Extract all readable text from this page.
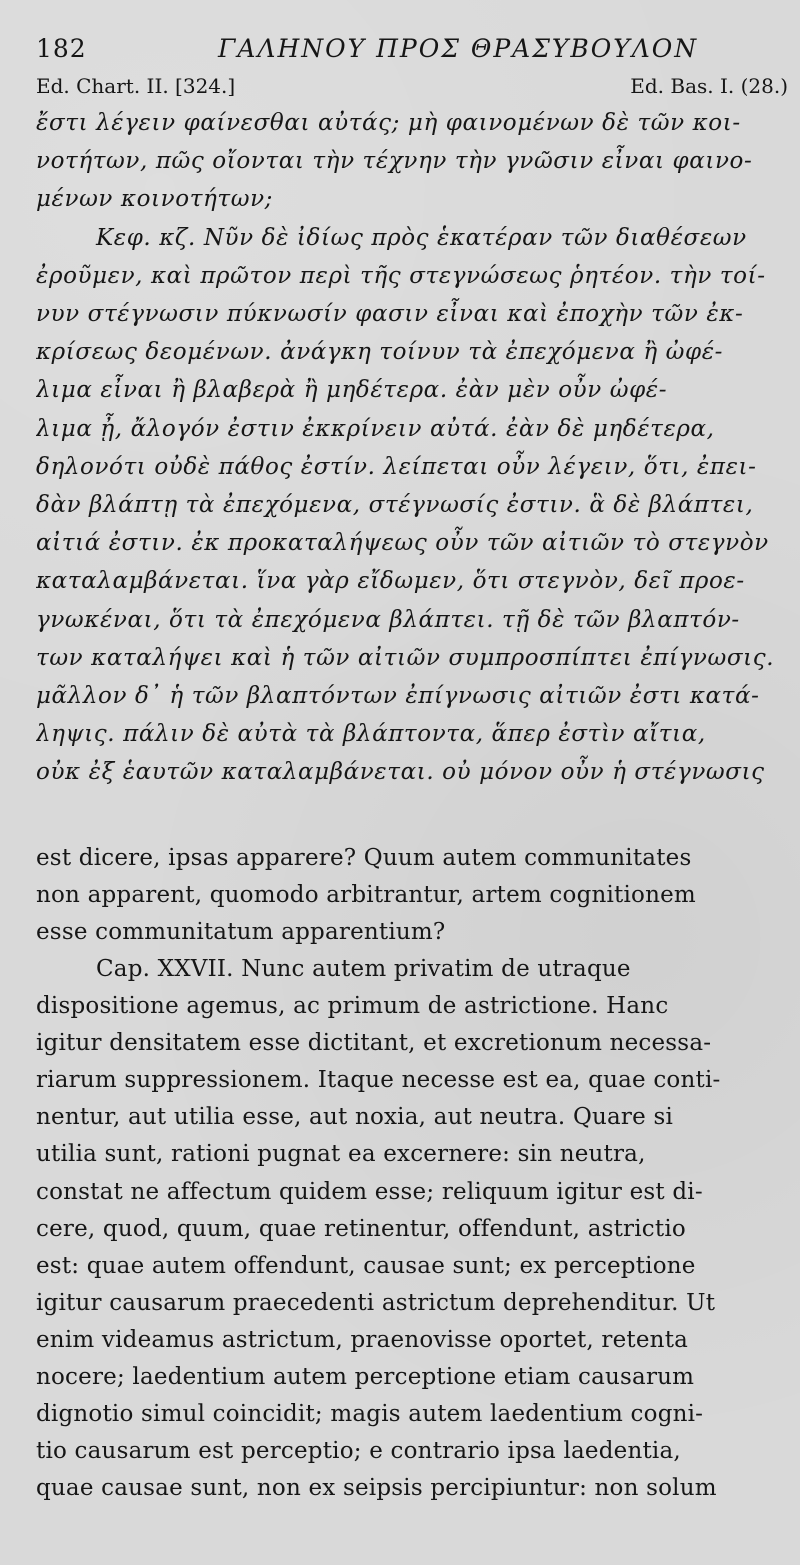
182	ΓΑΛΗΝΟΥ ΠΡΟΣ ΘΡΑΣΥΒΟΥΛΟΝ
Ed. Chart. II. [324.]	Ed. Bas. I. (28.)
ἔστι λέγειν φαίνεσθαι αὐτάς; μὴ φαινομένων δὲ τῶν κοι-
νοτήτων, πῶς οἴονται τὴν τέχνην τὴν γνῶσιν εἶναι φαινο-
μένων κοινοτήτων;
Κεφ. κζ. Νῦν δὲ ἰδίως πρὸς ἑκατέραν τῶν διαθέσεων
ἐροῦμεν, καὶ πρῶτον περὶ τῆς στεγνώσεως ῥητέον. τὴν τοί-
νυν στέγνωσιν πύκνωσίν φασιν εἶναι καὶ ἐποχὴν τῶν ἐκ-
κρίσεως δεομένων. ἀνάγκη τοίνυν τὰ ἐπεχόμενα ἢ ὠφέ-
λιμα εἶναι ἢ βλαβερὰ ἢ μηδέτερα. ἐὰν μὲν οὖν ὠφέ-
λιμα ᾖ, ἄλογόν ἐστιν ἐκκρίνειν αὐτά. ἐὰν δὲ μηδέτερα,
δηλονότι οὐδὲ πάθος ἐστίν. λείπεται οὖν λέγειν, ὅτι, ἐπει-
δὰν βλάπτῃ τὰ ἐπεχόμενα, στέγνωσίς ἐστιν. ἃ δὲ βλάπτει,
αἰτιά ἐστιν. ἐκ προκαταλήψεως οὖν τῶν αἰτιῶν τὸ στεγνὸν
καταλαμβάνεται. ἵνα γὰρ εἴδωμεν, ὅτι στεγνὸν, δεῖ προε-
γνωκέναι, ὅτι τὰ ἐπεχόμενα βλάπτει. τῇ δὲ τῶν βλαπτόν-
των καταλήψει καὶ ἡ τῶν αἰτιῶν συμπροσπίπτει ἐπίγνωσις.
μᾶλλον δ᾽ ἡ τῶν βλαπτόντων ἐπίγνωσις αἰτιῶν ἐστι κατά-
ληψις. πάλιν δὲ αὐτὰ τὰ βλάπτοντα, ἅπερ ἐστὶν αἴτια,
οὐκ ἐξ ἑαυτῶν καταλαμβάνεται. οὐ μόνον οὖν ἡ στέγνωσις
est dicere, ipsas apparere? Quum autem communitates
non apparent, quomodo arbitrantur, artem cognitionem
esse communitatum apparentium?
Cap. XXVII. Nunc autem privatim de utraque
dispositione agemus, ac primum de astrictione. Hanc
igitur densitatem esse dictitant, et excretionum necessa-
riarum suppressionem. Itaque necesse est ea, quae conti-
nentur, aut utilia esse, aut noxia, aut neutra. Quare si
utilia sunt, rationi pugnat ea excernere: sin neutra,
constat ne affectum quidem esse; reliquum igitur est di-
cere, quod, quum, quae retinentur, offendunt, astrictio
est: quae autem offendunt, causae sunt; ex perceptione
igitur causarum praecedenti astrictum deprehenditur. Ut
enim videamus astrictum, praenovisse oportet, retenta
nocere; laedentium autem perceptione etiam causarum
dignotio simul coincidit; magis autem laedentium cogni-
tio causarum est perceptio; e contrario ipsa laedentia,
quae causae sunt, non ex seipsis percipiuntur: non solum
